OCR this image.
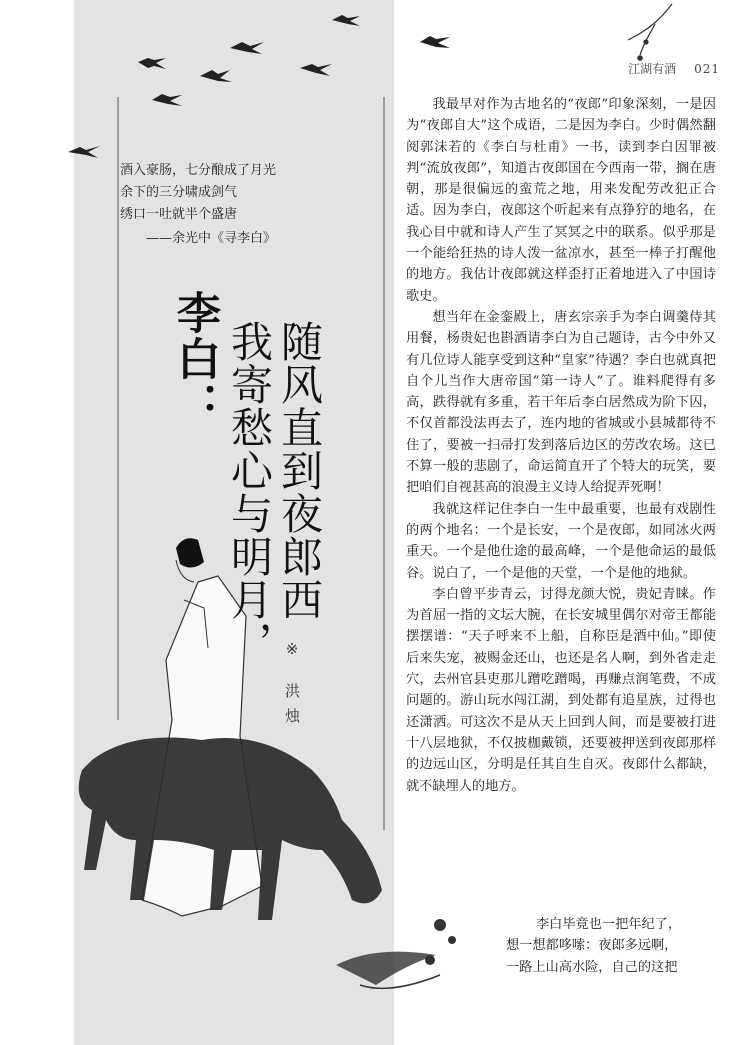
江湖有酒 021
酒入豪肠，七分酿成了月光
余下的三分啸成剑气
绣口一吐就半个盛唐
——余光中《寻李白》
李白：	随风直到夜郎西
我寄愁心与明月， ※ 洪烛

我最早对作为古地名的“夜郎”印象深刻，一是因为“夜郎自大”这个成语，二是因为李白。少时偶然翻阅郭沫若的《李白与杜甫》一书，读到李白因罪被判“流放夜郎”，知道古夜郎国在今西南一带，搁在唐朝，那是很偏远的蛮荒之地，用来发配劳改犯正合适。因为李白，夜郎这个听起来有点狰狞的地名，在我心目中就和诗人产生了冥冥之中的联系。似乎那是一个能给狂热的诗人泼一盆凉水，甚至一棒子打醒他的地方。我估计夜郎就这样歪打正着地进入了中国诗歌史。

想当年在金銮殿上，唐玄宗亲手为李白调羹侍其用餐，杨贵妃也斟酒请李白为自己题诗，古今中外又有几位诗人能享受到这种“皇家”待遇？李白也就真把自个儿当作大唐帝国“第一诗人”了。谁料爬得有多高，跌得就有多重，若干年后李白居然成为阶下囚，不仅首都没法再去了，连内地的省城或小县城都待不住了，要被一扫帚打发到落后边区的劳改农场。这已不算一般的悲剧了，命运简直开了个特大的玩笑，要把咱们自视甚高的浪漫主义诗人给捉弄死啊！

我就这样记住李白一生中最重要，也最有戏剧性的两个地名：一个是长安，一个是夜郎，如同冰火两重天。一个是他仕途的最高峰，一个是他命运的最低谷。说白了，一个是他的天堂，一个是他的地狱。

李白曾平步青云，讨得龙颜大悦，贵妃青睐。作为首屈一指的文坛大腕，在长安城里偶尔对帝王都能摆摆谱：“天子呼来不上船，自称臣是酒中仙。”即使后来失宠，被赐金还山，也还是名人啊，到外省走走穴，去州官县吏那儿蹭吃蹭喝，再赚点润笔费，不成问题的。游山玩水闯江湖，到处都有追星族，过得也还潇洒。可这次不是从天上回到人间，而是要被打进十八层地狱，不仅披枷戴锁，还要被押送到夜郎那样的边远山区，分明是任其自生自灭。夜郎什么都缺，就不缺埋人的地方。

李白毕竟也一把年纪了，
想一想都哆嗦：夜郎多远啊，
一路上山高水险，自己的这把
